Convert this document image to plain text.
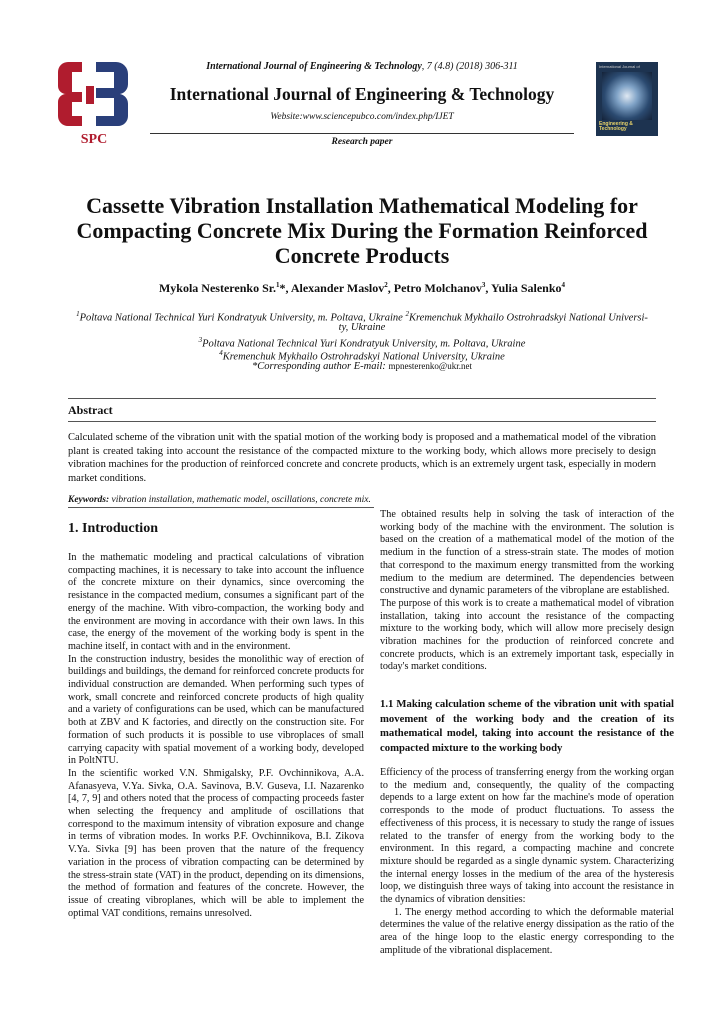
SPC
International Journal of
Engineering & Technology
International Journal of Engineering & Technology, 7 (4.8) (2018) 306-311
International Journal of Engineering & Technology
Website:www.sciencepubco.com/index.php/IJET
Research paper
Cassette Vibration Installation Mathematical Modeling for Compacting Concrete Mix During the Formation Reinforced Concrete Products
Mykola Nesterenko Sr.$^1$*, Alexander Maslov$^2$, Petro Molchanov$^3$, Yulia Salenko$^4$
$^1$Poltava National Technical Yuri Kondratyuk University, m. Poltava, Ukraine $^2$Kremenchuk Mykhailo Ostrohradskyi National Universi-
ty, Ukraine
$^3$Poltava National Technical Yuri Kondratyuk University, m. Poltava, Ukraine
$^4$Kremenchuk Mykhailo Ostrohradskyi National University, Ukraine
*Corresponding author E-mail: mpnesterenko@ukr.net
Abstract
Calculated scheme of the vibration unit with the spatial motion of the working body is proposed and a mathematical model of the vibration plant is created taking into account the resistance of the compacted mixture to the working body, which allows more precisely to design vibration machines for the production of reinforced concrete and concrete products, which is an extremely urgent task, especially in modern market conditions.
Keywords: vibration installation, mathematic model, oscillations, concrete mix.
1. Introduction

In the mathematic modeling and practical calculations of vibration compacting machines, it is necessary to take into account the influence of the concrete mixture on their dynamics, since overcoming the resistance in the compacted medium, consumes a significant part of the energy of the machine. With vibro-compaction, the working body and the environment are moving in accordance with their own laws. In this case, the energy of the movement of the working body is spent in the machine itself, in contact with and in the environment.

In the construction industry, besides the monolithic way of erection of buildings and buildings, the demand for reinforced concrete products for individual construction are demanded. When performing such types of work, small concrete and reinforced concrete products of high quality and a variety of configurations can be used, which can be manufactured both at ZBV and K factories, and directly on the construction site. For formation of such products it is possible to use vibroplaces of small carrying capacity with spatial movement of a working body, developed in PoltNTU.

In the scientific worked V.N. Shmigalsky, P.F. Ovchinnikova, A.A. Afanasyeva, V.Ya. Sivka, O.A. Savinova, B.V. Guseva, I.I. Nazarenko [4, 7, 9] and others noted that the process of compacting proceeds faster when selecting the frequency and amplitude of oscillations that correspond to the maximum intensity of vibration exposure and change in terms of vibration modes. In works P.F. Ovchinnikova, B.I. Zikova V.Ya. Sivka [9] has been proven that the nature of the frequency variation in the process of vibration compacting can be determined by the stress-strain state (VAT) in the product, depending on its dimensions, the method of formation and features of the concrete. However, the issue of creating vibroplanes, which will be able to implement the optimal VAT conditions, remains unresolved.

The obtained results help in solving the task of interaction of the working body of the machine with the environment. The solution is based on the creation of a mathematical model of the motion of the medium in the function of a stress-strain state. The modes of motion that correspond to the maximum energy transmitted from the working medium to the medium are determined. The dependencies between constructive and dynamic parameters of the vibroplane are established.

The purpose of this work is to create a mathematical model of vibration installation, taking into account the resistance of the compacting mixture to the working body, which will allow more precisely design vibration machines for the production of reinforced concrete and concrete products, which is an extremely important task, especially in today's market conditions.

1.1 Making calculation scheme of the vibration unit with spatial movement of the working body and the creation of its mathematical model, taking into account the resistance of the compacted mixture to the working body

Efficiency of the process of transferring energy from the working organ to the medium and, consequently, the quality of the compacting depends to a large extent on how far the machine's mode of operation corresponds to the mode of product fluctuations. To assess the effectiveness of this process, it is necessary to study the range of issues related to the transfer of energy from the working body to the environment. In this regard, a compacting machine and concrete mixture should be regarded as a single dynamic system. Characterizing the internal energy losses in the medium of the area of the hysteresis loop, we distinguish three ways of taking into account the resistance in the dynamics of vibration densities:

1. The energy method according to which the deformable material determines the value of the relative energy dissipation as the ratio of the area of the hinge loop to the elastic energy corresponding to the amplitude of the vibrational displacement.
